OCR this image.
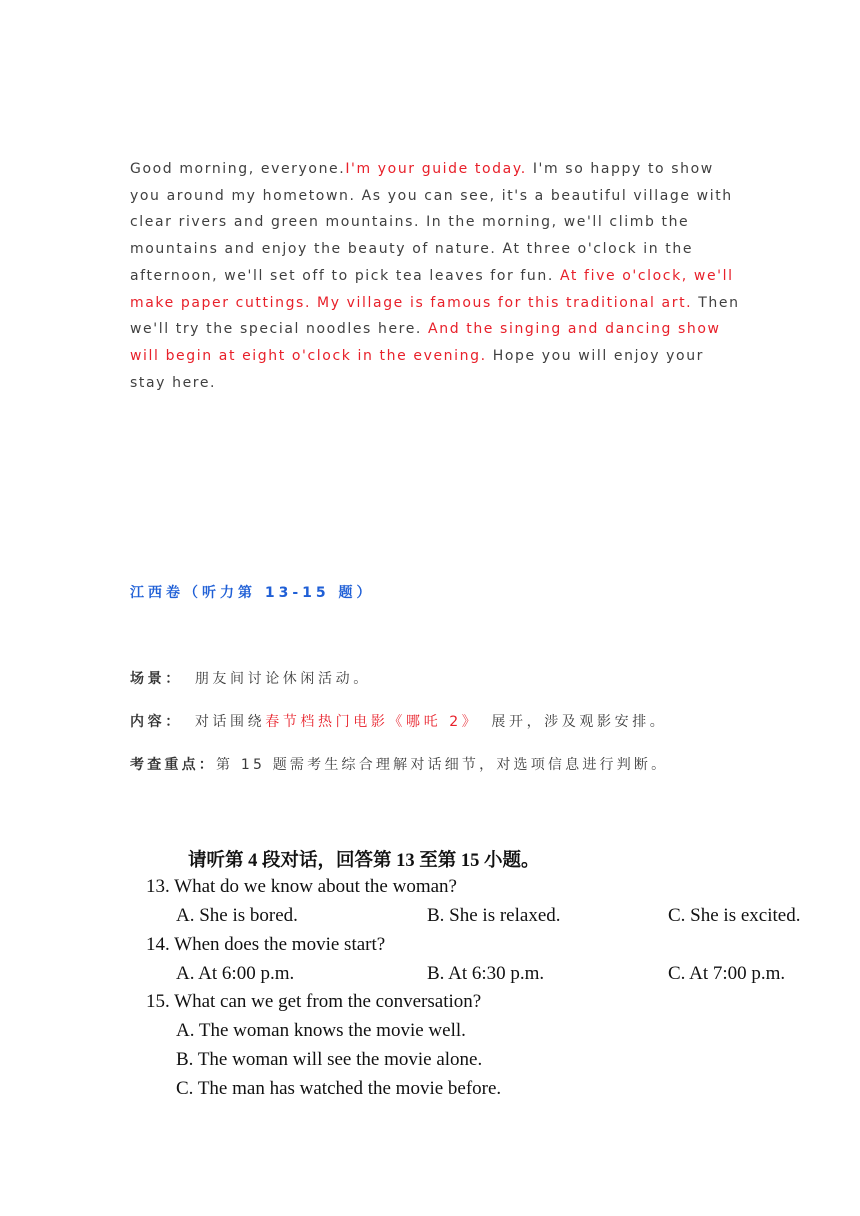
Good morning, everyone.I'm your guide today. I'm so happy to show you around my hometown. As you can see, it's a beautiful village with clear rivers and green mountains. In the morning, we'll climb the mountains and enjoy the beauty of nature. At three o'clock in the afternoon, we'll set off to pick tea leaves for fun. At five o'clock, we'll make paper cuttings. My village is famous for this traditional art. Then we'll try the special noodles here. And the singing and dancing show will begin at eight o'clock in the evening. Hope you will enjoy your stay here.
江西卷（听力第 13-15 题）
场景： 朋友间讨论休闲活动。
内容： 对话围绕春节档热门电影《哪吒 2》 展开，涉及观影安排。
考查重点：第 15 题需考生综合理解对话细节，对选项信息进行判断。
请听第 4 段对话，回答第 13 至第 15 小题。
13. What do we know about the woman?
A. She is bored.	B. She is relaxed.	C. She is excited.
14. When does the movie start?
A. At 6:00 p.m.	B. At 6:30 p.m.	C. At 7:00 p.m.
15. What can we get from the conversation?
A. The woman knows the movie well.
B. The woman will see the movie alone.
C. The man has watched the movie before.
